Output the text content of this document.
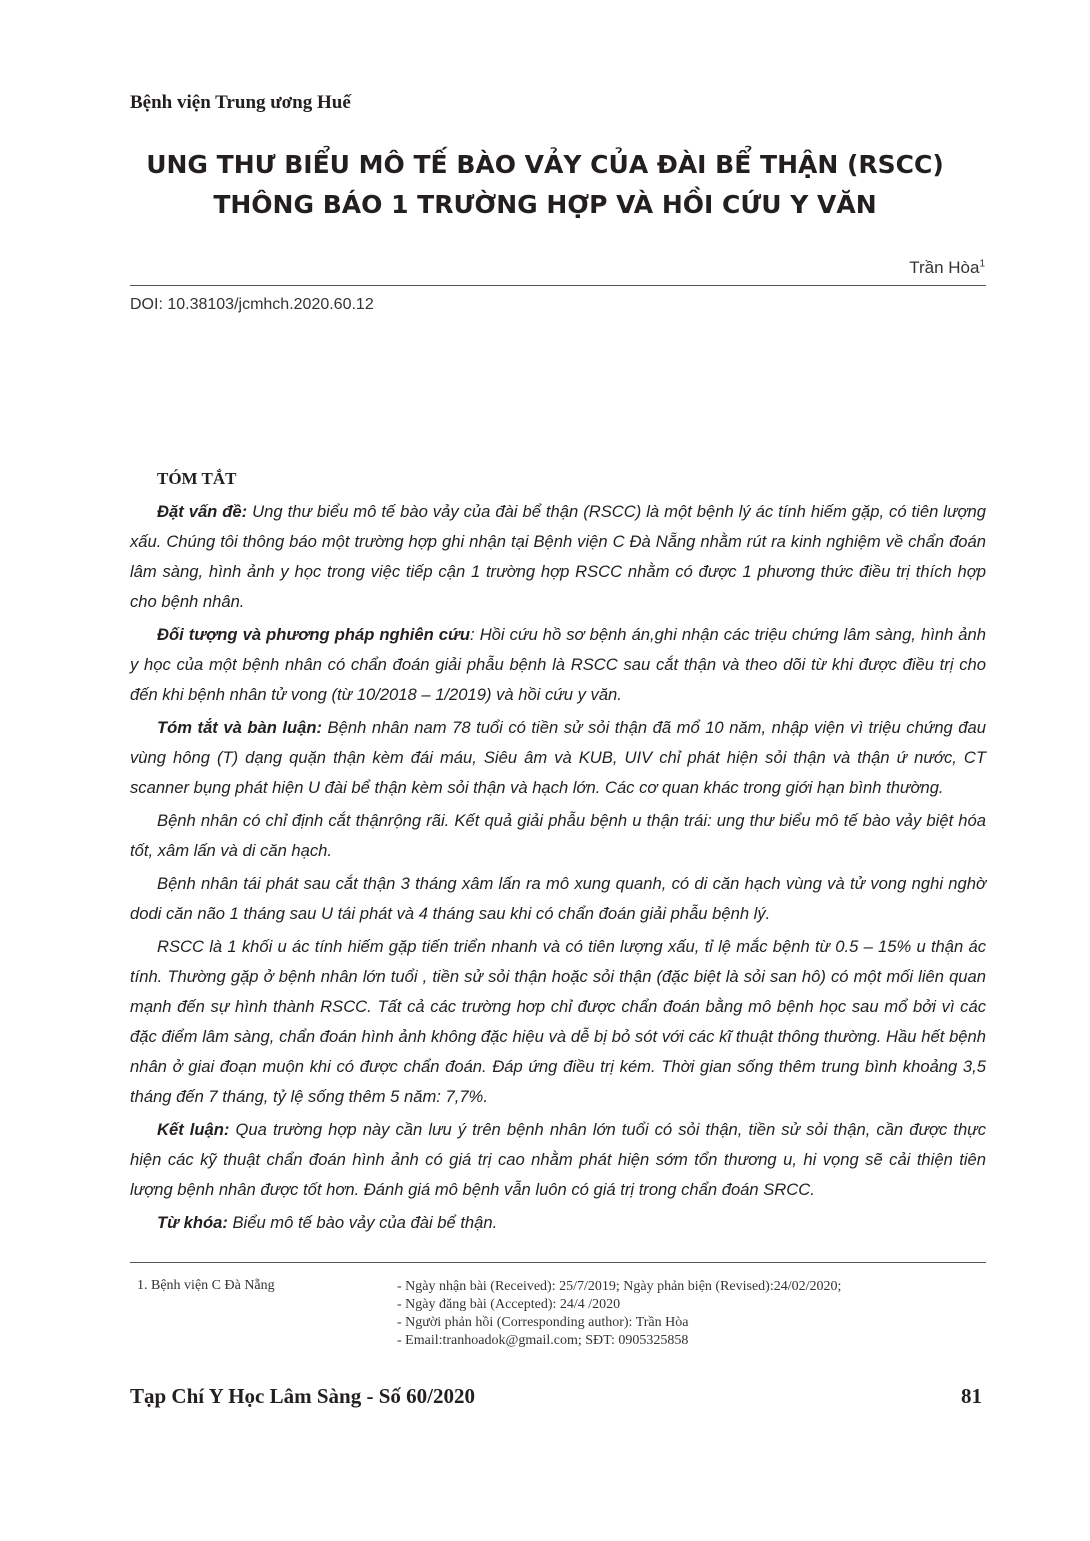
Bệnh viện Trung ương Huế
UNG THƯ BIỂU MÔ TẾ BÀO VẢY CỦA ĐÀI BỂ THẬN (RSCC)
THÔNG BÁO 1 TRƯỜNG HỢP VÀ HỒI CỨU Y VĂN
Trần Hòa$^1$
DOI: 10.38103/jcmhch.2020.60.12
TÓM TẮT

Đặt vấn đề: Ung thư biểu mô tế bào vảy của đài bể thận (RSCC) là một bệnh lý ác tính hiếm gặp, có tiên lượng xấu. Chúng tôi thông báo một trường hợp ghi nhận tại Bệnh viện C Đà Nẵng nhằm rút ra kinh nghiệm về chẩn đoán lâm sàng, hình ảnh y học trong việc tiếp cận 1 trường hợp RSCC nhằm có được 1 phương thức điều trị thích hợp cho bệnh nhân.

Đối tượng và phương pháp nghiên cứu: Hồi cứu hồ sơ bệnh án,ghi nhận các triệu chứng lâm sàng, hình ảnh y học của một bệnh nhân có chẩn đoán giải phẫu bệnh là RSCC sau cắt thận và theo dõi từ khi được điều trị cho đến khi bệnh nhân tử vong (từ 10/2018 – 1/2019) và hồi cứu y văn.

Tóm tắt và bàn luận: Bệnh nhân nam 78 tuổi có tiền sử sỏi thận đã mổ 10 năm, nhập viện vì triệu chứng đau vùng hông (T) dạng quặn thận kèm đái máu, Siêu âm và KUB, UIV chỉ phát hiện sỏi thận và thận ứ nước, CT scanner bụng phát hiện U đài bể thận kèm sỏi thận và hạch lớn. Các cơ quan khác trong giới hạn bình thường.

Bệnh nhân có chỉ định cắt thậnrộng rãi. Kết quả giải phẫu bệnh u thận trái: ung thư biểu mô tế bào vảy biệt hóa tốt, xâm lấn và di căn hạch.

Bệnh nhân tái phát sau cắt thận 3 tháng xâm lấn ra mô xung quanh, có di căn hạch vùng và tử vong nghi nghờ dodi căn não 1 tháng sau U tái phát và 4 tháng sau khi có chẩn đoán giải phẫu bệnh lý.

RSCC là 1 khối u ác tính hiếm gặp tiến triển nhanh và có tiên lượng xấu, tỉ lệ mắc bệnh từ 0.5 – 15% u thận ác tính. Thường gặp ở bệnh nhân lớn tuổi , tiền sử sỏi thận hoặc sỏi thận (đặc biệt là sỏi san hô) có một mối liên quan mạnh đến sự hình thành RSCC. Tất cả các trường hơp chỉ được chẩn đoán bằng mô bệnh học sau mổ bởi vì các đặc điểm lâm sàng, chẩn đoán hình ảnh không đặc hiệu và dễ bị bỏ sót với các kĩ thuật thông thường. Hầu hết bệnh nhân ở giai đoạn muộn khi có được chẩn đoán. Đáp ứng điều trị kém. Thời gian sống thêm trung bình khoảng 3,5 tháng đến 7 tháng, tỷ lệ sống thêm 5 năm: 7,7%.

Kết luận: Qua trường hợp này cần lưu ý trên bệnh nhân lớn tuổi có sỏi thận, tiền sử sỏi thận, cần được thực hiện các kỹ thuật chẩn đoán hình ảnh có giá trị cao nhằm phát hiện sớm tổn thương u, hi vọng sẽ cải thiện tiên lượng bệnh nhân được tốt hơn. Đánh giá mô bệnh vẫn luôn có giá trị trong chẩn đoán SRCC.

Từ khóa: Biểu mô tế bào vảy của đài bể thận.

1. Bệnh viện C Đà Nẵng	- Ngày nhận bài (Received): 25/7/2019; Ngày phản biện (Revised):24/02/2020;
- Ngày đăng bài (Accepted): 24/4 /2020
- Người phản hồi (Corresponding author): Trần Hòa
- Email:tranhoadok@gmail.com; SĐT: 0905325858
Tạp Chí Y Học Lâm Sàng - Số 60/2020	81
